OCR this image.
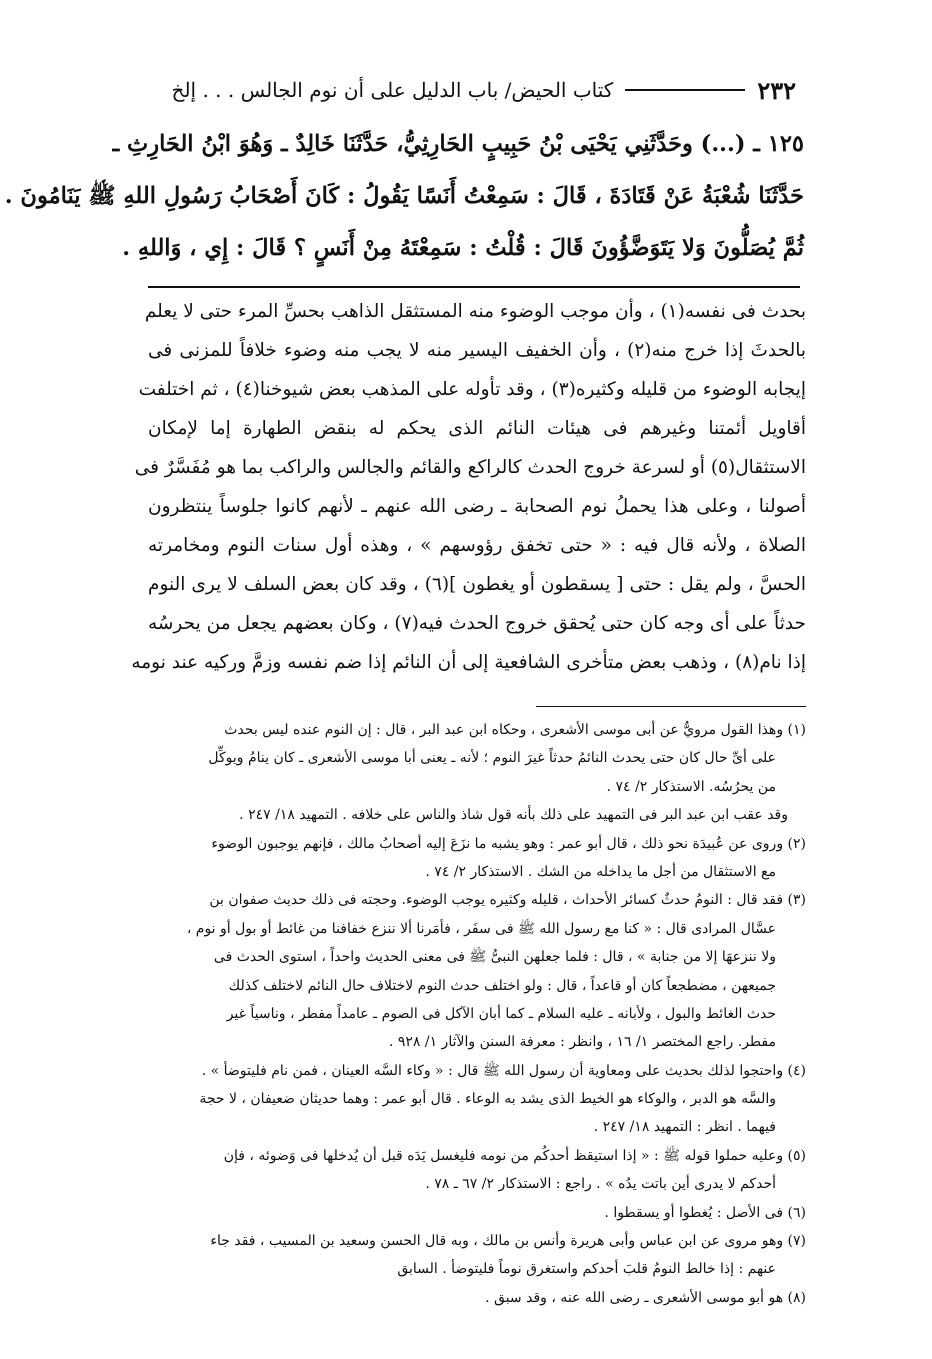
٢٣٢
كتاب الحيض/ باب الدليل على أن نوم الجالس . . . إلخ
١٢٥ ـ (...) وحَدَّثَنِي يَحْيَى بْنُ حَبِيبٍ الحَارِثِيُّ، حَدَّثَنَا خَالِدٌ ـ وَهُوَ ابْنُ الحَارِثِ ـ
حَدَّثَنَا شُعْبَةُ عَنْ قَتَادَةَ ، قَالَ : سَمِعْتُ أَنَسًا يَقُولُ : كَانَ أَصْحَابُ رَسُولِ اللهِ ﷺ يَنَامُونَ .
ثُمَّ يُصَلُّونَ وَلا يَتَوَضَّؤُونَ قَالَ : قُلْتُ : سَمِعْتَهُ مِنْ أَنَسٍ ؟ قَالَ : إِي ، وَاللهِ .
بحدث فى نفسه(١) ، وأن موجب الوضوء منه المستثقل الذاهب بحسِّ المرء حتى لا يعلم
بالحدثَ إذا خرج منه(٢) ، وأن الخفيف اليسير منه لا يجب منه وضوء خلافاً للمزنى فى
إيجابه الوضوء من قليله وكثيره(٣) ، وقد تأوله على المذهب بعض شيوخنا(٤) ، ثم اختلفت
أقاويل أئمتنا وغيرهم فى هيئات النائم الذى يحكم له بنقض الطهارة إما لإمكان
الاستثقال(٥) أو لسرعة خروج الحدث كالراكع والقائم والجالس والراكب بما هو مُفَسَّرٌ فى
أصولنا ، وعلى هذا يحملُ نوم الصحابة ـ رضى الله عنهم ـ لأنهم كانوا جلوساً ينتظرون
الصلاة ، ولأنه قال فيه : « حتى تخفق رؤوسهم » ، وهذه أول سنات النوم ومخامرته
الحسَّ ، ولم يقل : حتى [ يسقطون أو يغطون ](٦) ، وقد كان بعض السلف لا يرى النوم
حدثاً على أى وجه كان حتى يُحقق خروج الحدث فيه(٧) ، وكان بعضهم يجعل من يحرسُه
إذا نام(٨) ، وذهب بعض متأخرى الشافعية إلى أن النائم إذا ضم نفسه وزمَّ وركيه عند نومه
(١) وهذا القول مرويٌّ عن أبى موسى الأشعرى ، وحكاه ابن عبد البر ، قال : إن النوم عنده ليس بحدث
على أىِّ حال كان حتى يحدث النائمُ حدثاً غيرَ النوم ؛ لأنه ـ يعنى أبا موسى الأشعرى ـ كان ينامُ ويوكِّل
من يحرُسُه. الاستذكار ٢/ ٧٤ .
وقد عقب ابن عبد البر فى التمهيد على ذلك بأنه قول شاذ والناس على خلافه . التمهيد ١٨/ ٢٤٧ .
(٢) وروى عن عُبيدَة نحو ذلك ، قال أبو عمر : وهو يشبه ما نزَعَ إليه أصحابُ مالك ، فإنهم يوجبون الوضوء
مع الاستثقال من أجل ما يداخله من الشك . الاستذكار ٢/ ٧٤ .
(٣) فقد قال : النومُ حدثٌ كسائر الأحداث ، قليله وكثيره يوجب الوضوء. وحجته فى ذلك حديث صفوان بن
عسَّال المرادى قال : « كنا مع رسول الله ﷺ فى سفَر ، فأمَرنا ألا ننزع خفافنا من غائط أو بول أو نوم ،
ولا ننزعهَا إلا من جنابة » ، قال : فلما جعلهن النبىُّ ﷺ فى معنى الحديث واحداً ، استوى الحدث فى
جميعهن ، مضطجعاً كان أو قاعداً ، قال : ولو اختلف حدث النوم لاختلاف حال النائم لاختلف كذلك
حدث الغائط والبول ، ولأبانه ـ عليه السلام ـ كما أبان الآكل فى الصوم ـ عامداً مفطر ، وناسياً غير
مفطر. راجع المختصر ١/ ١٦ ، وانظر : معرفة السنن والآثار ١/ ٩٢٨ .
(٤) واحتجوا لذلك بحديث على ومعاوية أن رسول الله ﷺ قال : « وكاء السَّه العينان ، فمن نام فليتوضأ » .
والسَّه هو الدبر ، والوكاء هو الخيط الذى يشد به الوعاء . قال أبو عمر : وهما حديثان ضعيفان ، لا حجة
فيهما . انظر : التمهيد ١٨/ ٢٤٧ .
(٥) وعليه حملوا قوله ﷺ : « إذا استيقظ أحدكُم من نومه فليغسل يَدَه قبل أن يُدخلها فى وَضوئه ، فإن
أحدكم لا يدرى أين باتت يدُه » . راجع : الاستذكار ٢/ ٦٧ ـ ٧٨ .
(٦) فى الأصل : يُغطوا أو يسقطوا .
(٧) وهو مروى عن ابن عباس وأبى هريرة وأنس بن مالك ، وبه قال الحسن وسعيد بن المسيب ، فقد جاء
عنهم : إذا خالط النومُ قلبَ أحدكم واستغرق نوماً فليتوضأ . السابق
(٨) هو أبو موسى الأشعرى ـ رضى الله عنه ، وقد سبق .
